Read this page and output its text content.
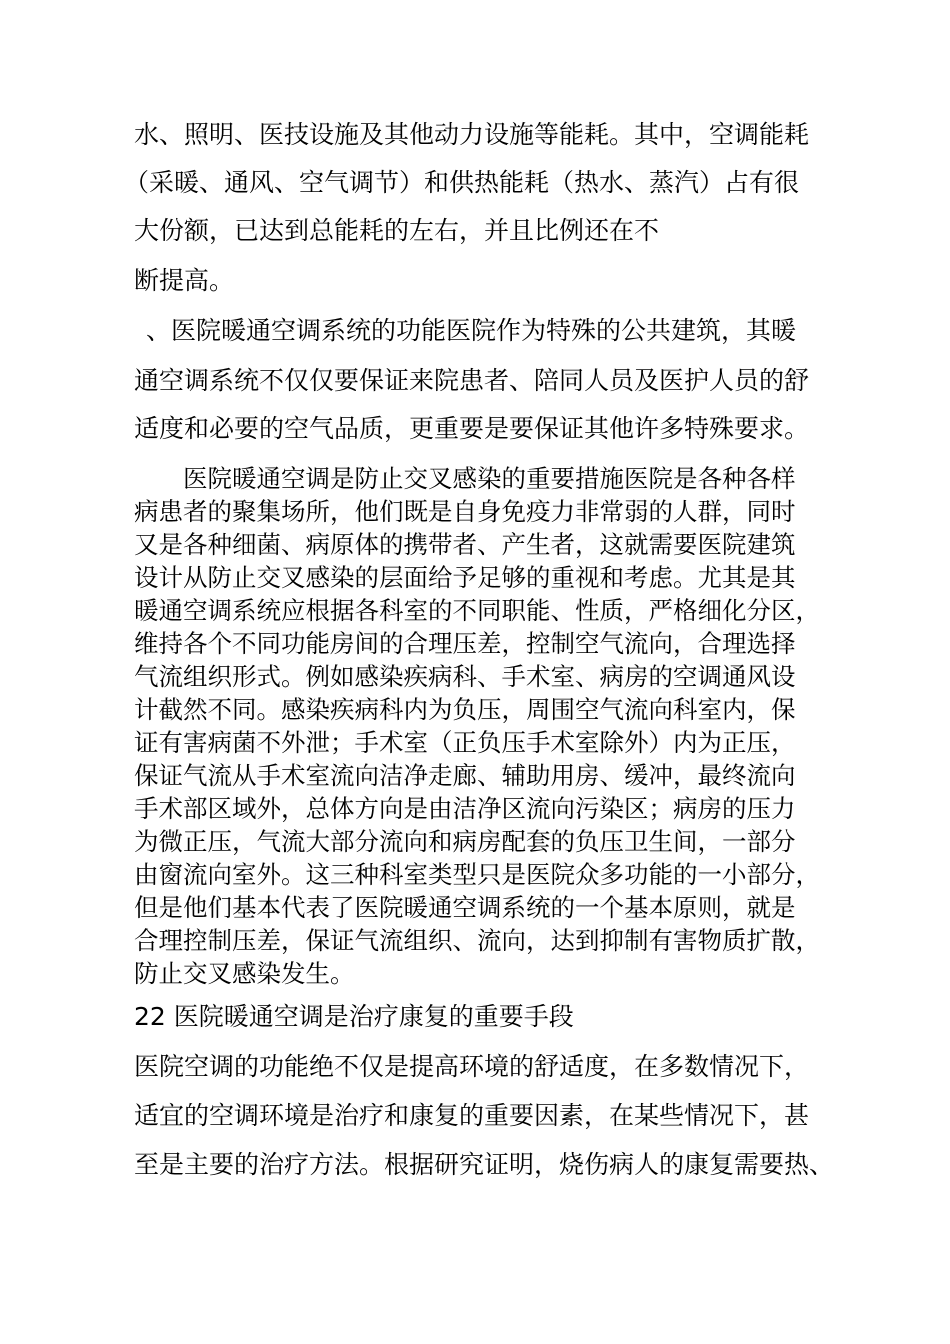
水、照明、医技设施及其他动力设施等能耗。其中，空调能耗
（采暖、通风、空气调节）和供热能耗（热水、蒸汽）占有很
大份额，已达到总能耗的左右，并且比例还在不
断提高。
、医院暖通空调系统的功能医院作为特殊的公共建筑，其暖
通空调系统不仅仅要保证来院患者、陪同人员及医护人员的舒
适度和必要的空气品质，更重要是要保证其他许多特殊要求。
　　医院暖通空调是防止交叉感染的重要措施医院是各种各样
病患者的聚集场所，他们既是自身免疫力非常弱的人群，同时
又是各种细菌、病原体的携带者、产生者，这就需要医院建筑
设计从防止交叉感染的层面给予足够的重视和考虑。尤其是其
暖通空调系统应根据各科室的不同职能、性质，严格细化分区，
维持各个不同功能房间的合理压差，控制空气流向，合理选择
气流组织形式。例如感染疾病科、手术室、病房的空调通风设
计截然不同。感染疾病科内为负压，周围空气流向科室内，保
证有害病菌不外泄；手术室（正负压手术室除外）内为正压，
保证气流从手术室流向洁净走廊、辅助用房、缓冲，最终流向
手术部区域外，总体方向是由洁净区流向污染区；病房的压力
为微正压，气流大部分流向和病房配套的负压卫生间，一部分
由窗流向室外。这三种科室类型只是医院众多功能的一小部分，
但是他们基本代表了医院暖通空调系统的一个基本原则，就是
合理控制压差，保证气流组织、流向，达到抑制有害物质扩散，
防止交叉感染发生。
22 医院暖通空调是治疗康复的重要手段
医院空调的功能绝不仅是提高环境的舒适度，在多数情况下，
适宜的空调环境是治疗和康复的重要因素，在某些情况下，甚
至是主要的治疗方法。根据研究证明，烧伤病人的康复需要热、
